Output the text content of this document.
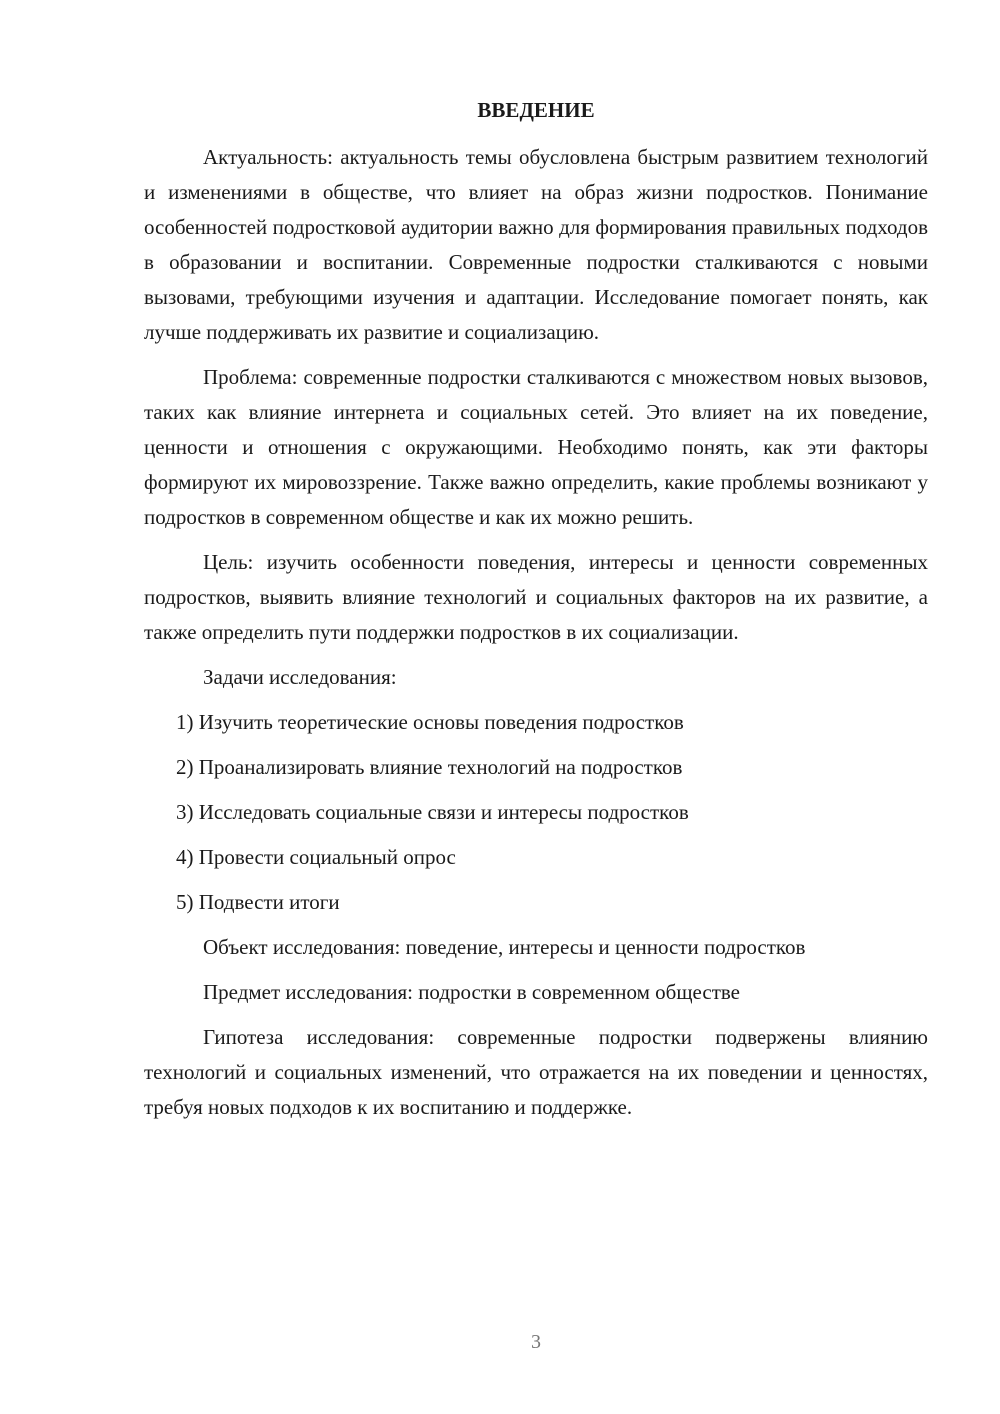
ВВЕДЕНИЕ

Актуальность: актуальность темы обусловлена быстрым развитием технологий и изменениями в обществе, что влияет на образ жизни подростков. Понимание особенностей подростковой аудитории важно для формирования правильных подходов в образовании и воспитании. Современные подростки сталкиваются с новыми вызовами, требующими изучения и адаптации. Исследование помогает понять, как лучше поддерживать их развитие и социализацию.

Проблема: современные подростки сталкиваются с множеством новых вызовов, таких как влияние интернета и социальных сетей. Это влияет на их поведение, ценности и отношения с окружающими. Необходимо понять, как эти факторы формируют их мировоззрение. Также важно определить, какие проблемы возникают у подростков в современном обществе и как их можно решить.

Цель: изучить особенности поведения, интересы и ценности современных подростков, выявить влияние технологий и социальных факторов на их развитие, а также определить пути поддержки подростков в их социализации.

Задачи исследования:

1) Изучить теоретические основы поведения подростков
2) Проанализировать влияние технологий на подростков
3) Исследовать социальные связи и интересы подростков
4) Провести социальный опрос
5) Подвести итоги

Объект исследования: поведение, интересы и ценности подростков

Предмет исследования: подростки в современном обществе

Гипотеза исследования: современные подростки подвержены влиянию технологий и социальных изменений, что отражается на их поведении и ценностях, требуя новых подходов к их воспитанию и поддержке.

3
